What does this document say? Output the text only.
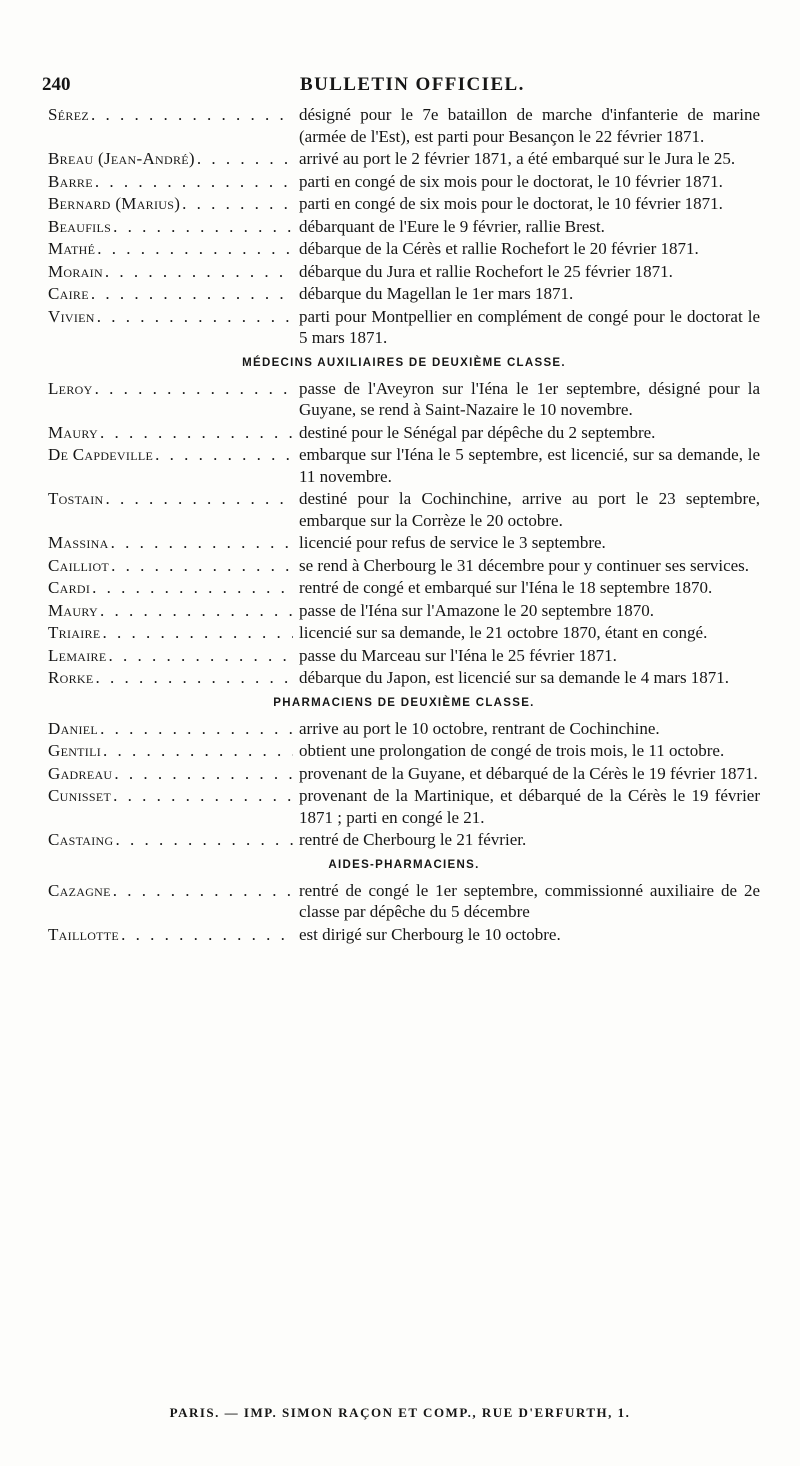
240	BULLETIN OFFICIEL.
Sérez . . .	désigné pour le 7e bataillon de marche d'infanterie de marine (armée de l'Est), est parti pour Besançon le 22 février 1871.
Breau (Jean-André) . . .	arrivé au port le 2 février 1871, a été embarqué sur le Jura le 25.
Barre . . .	parti en congé de six mois pour le doctorat, le 10 février 1871.
Bernard (Marius) . . .	parti en congé de six mois pour le doctorat, le 10 février 1871.
Beaufils . . .	débarquant de l'Eure le 9 février, rallie Brest.
Mathé . . .	débarque de la Cérès et rallie Rochefort le 20 février 1871.
Morain . . .	débarque du Jura et rallie Rochefort le 25 février 1871.
Caire . . .	débarque du Magellan le 1er mars 1871.
Vivien . . .	parti pour Montpellier en complément de congé pour le doctorat le 5 mars 1871.
MÉDECINS AUXILIAIRES DE DEUXIÈME CLASSE.
Leroy . . .	passe de l'Aveyron sur l'Iéna le 1er septembre, désigné pour la Guyane, se rend à Saint-Nazaire le 10 novembre.
Maury . . .	destiné pour le Sénégal par dépêche du 2 septembre.
De Capdeville . . .	embarque sur l'Iéna le 5 septembre, est licencié, sur sa demande, le 11 novembre.
Tostain . . .	destiné pour la Cochinchine, arrive au port le 23 septembre, embarque sur la Corrèze le 20 octobre.
Massina . . .	licencié pour refus de service le 3 septembre.
Cailliot . . .	se rend à Cherbourg le 31 décembre pour y continuer ses services.
Cardi . . .	rentré de congé et embarqué sur l'Iéna le 18 septembre 1870.
Maury . . .	passe de l'Iéna sur l'Amazone le 20 septembre 1870.
Triaire . . .	licencié sur sa demande, le 21 octobre 1870, étant en congé.
Lemaire . . .	passe du Marceau sur l'Iéna le 25 février 1871.
Rorke . . .	débarque du Japon, est licencié sur sa demande le 4 mars 1871.
PHARMACIENS DE DEUXIÈME CLASSE.
Daniel . . .	arrive au port le 10 octobre, rentrant de Cochinchine.
Gentili . . .	obtient une prolongation de congé de trois mois, le 11 octobre.
Gadreau . . .	provenant de la Guyane, et débarqué de la Cérès le 19 février 1871.
Cunisset . . .	provenant de la Martinique, et débarqué de la Cérès le 19 février 1871 ; parti en congé le 21.
Castaing . . .	rentré de Cherbourg le 21 février.
AIDES-PHARMACIENS.
Cazagne . . .	rentré de congé le 1er septembre, commissionné auxiliaire de 2e classe par dépêche du 5 décembre
Taillotte . . .	est dirigé sur Cherbourg le 10 octobre.
PARIS. — IMP. SIMON RAÇON ET COMP., RUE D'ERFURTH, 1.
